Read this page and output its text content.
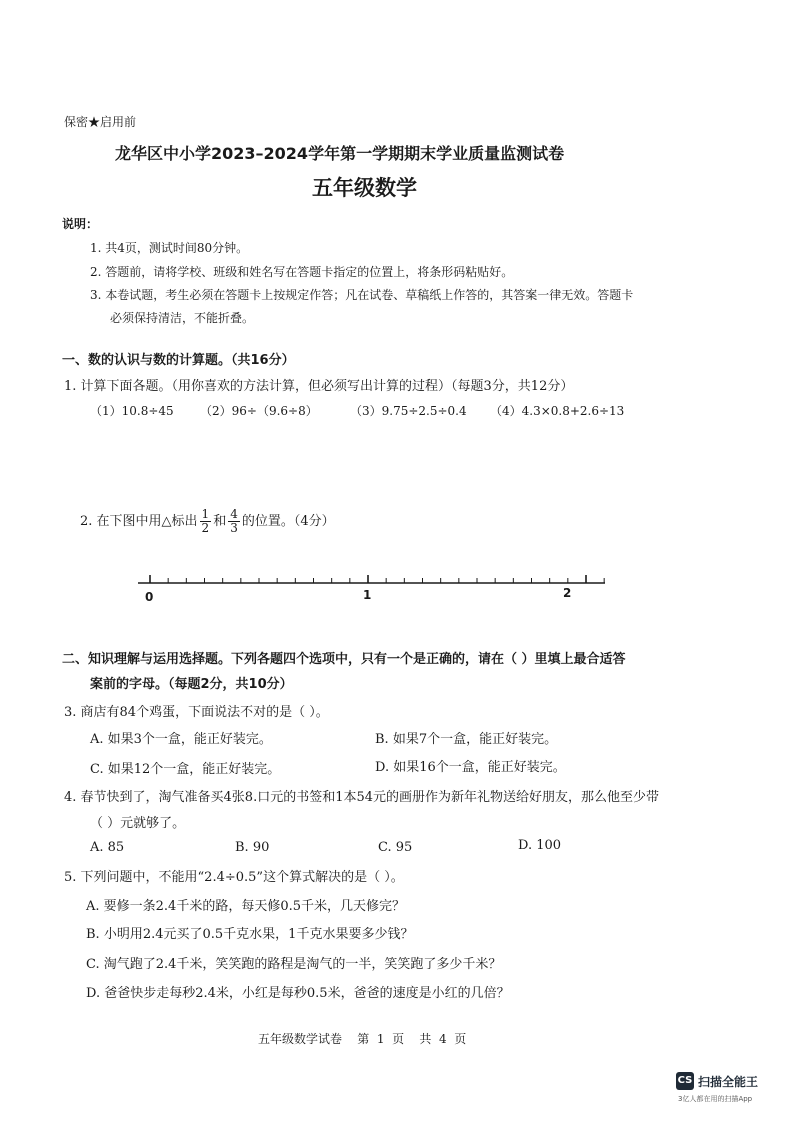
保密★启用前
龙华区中小学2023–2024学年第一学期期末学业质量监测试卷
五年级数学
说明：
1. 共4页，测试时间80分钟。
2. 答题前，请将学校、班级和姓名写在答题卡指定的位置上，将条形码粘贴好。
3. 本卷试题，考生必须在答题卡上按规定作答；凡在试卷、草稿纸上作答的，其答案一律无效。答题卡
必须保持清洁，不能折叠。
一、数的认识与数的计算题。（共16分）
1. 计算下面各题。（用你喜欢的方法计算，但必须写出计算的过程）（每题3分，共12分）
（1）10.8÷45 （2）96÷（9.6÷8）	（3）9.75÷2.5÷0.4 （4）4.3×0.8+2.6÷13
2. 在下图中用△标出 $\frac{1}{2}$ 和 $\frac{4}{3}$ 的位置。（4分）
0	1	2
二、知识理解与运用选择题。下列各题四个选项中，只有一个是正确的，请在（ ）里填上最合适答
案前的字母。（每题2分，共10分）
3. 商店有84个鸡蛋，下面说法不对的是（ ）。
A. 如果3个一盒，能正好装完。	B. 如果7个一盒，能正好装完。
C. 如果12个一盒，能正好装完。	D. 如果16个一盒，能正好装完。
4. 春节快到了，淘气准备买4张8.口元的书签和1本54元的画册作为新年礼物送给好朋友，那么他至少带
（ ）元就够了。
A. 85	B. 90	C. 95	D. 100
5. 下列问题中，不能用“2.4÷0.5”这个算式解决的是（ ）。
A. 要修一条2.4千米的路，每天修0.5千米，几天修完？
B. 小明用2.4元买了0.5千克水果，1千克水果要多少钱？
C. 淘气跑了2.4千米，笑笑跑的路程是淘气的一半，笑笑跑了多少千米？
D. 爸爸快步走每秒2.4米，小红是每秒0.5米，爸爸的速度是小红的几倍？
五年级数学试卷    第  1  页    共  4  页
CS 扫描全能王
3亿人都在用的扫描App
